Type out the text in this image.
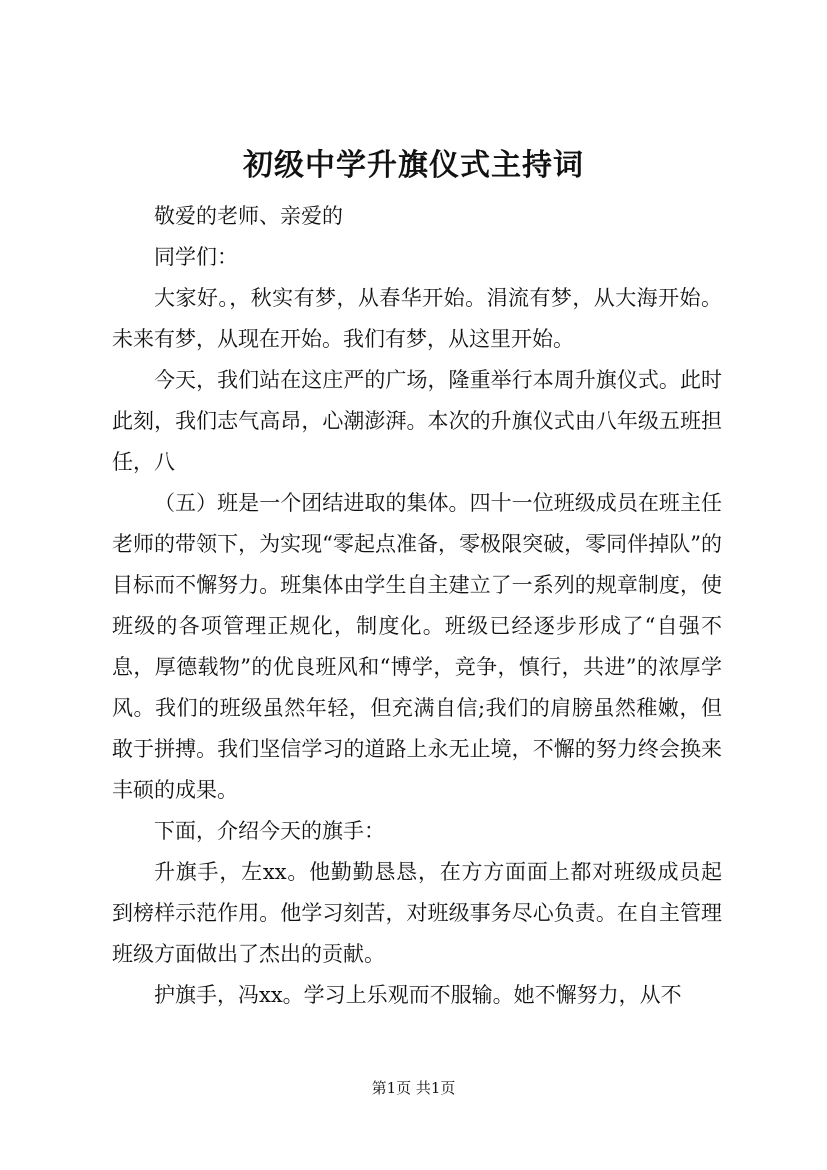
初级中学升旗仪式主持词

敬爱的老师、亲爱的

同学们：

大家好。，秋实有梦，从春华开始。涓流有梦，从大海开始。未来有梦，从现在开始。我们有梦，从这里开始。

今天，我们站在这庄严的广场，隆重举行本周升旗仪式。此时此刻，我们志气高昂，心潮澎湃。本次的升旗仪式由八年级五班担任，八

（五）班是一个团结进取的集体。四十一位班级成员在班主任老师的带领下，为实现“零起点准备，零极限突破，零同伴掉队”的目标而不懈努力。班集体由学生自主建立了一系列的规章制度，使班级的各项管理正规化，制度化。班级已经逐步形成了“自强不息，厚德载物”的优良班风和“博学，竞争，慎行，共进”的浓厚学风。我们的班级虽然年轻，但充满自信;我们的肩膀虽然稚嫩，但敢于拼搏。我们坚信学习的道路上永无止境，不懈的努力终会换来丰硕的成果。

下面，介绍今天的旗手：

升旗手，左xx。他勤勤恳恳，在方方面面上都对班级成员起到榜样示范作用。他学习刻苦，对班级事务尽心负责。在自主管理班级方面做出了杰出的贡献。

护旗手，冯xx。学习上乐观而不服输。她不懈努力，从不

第1页 共1页
